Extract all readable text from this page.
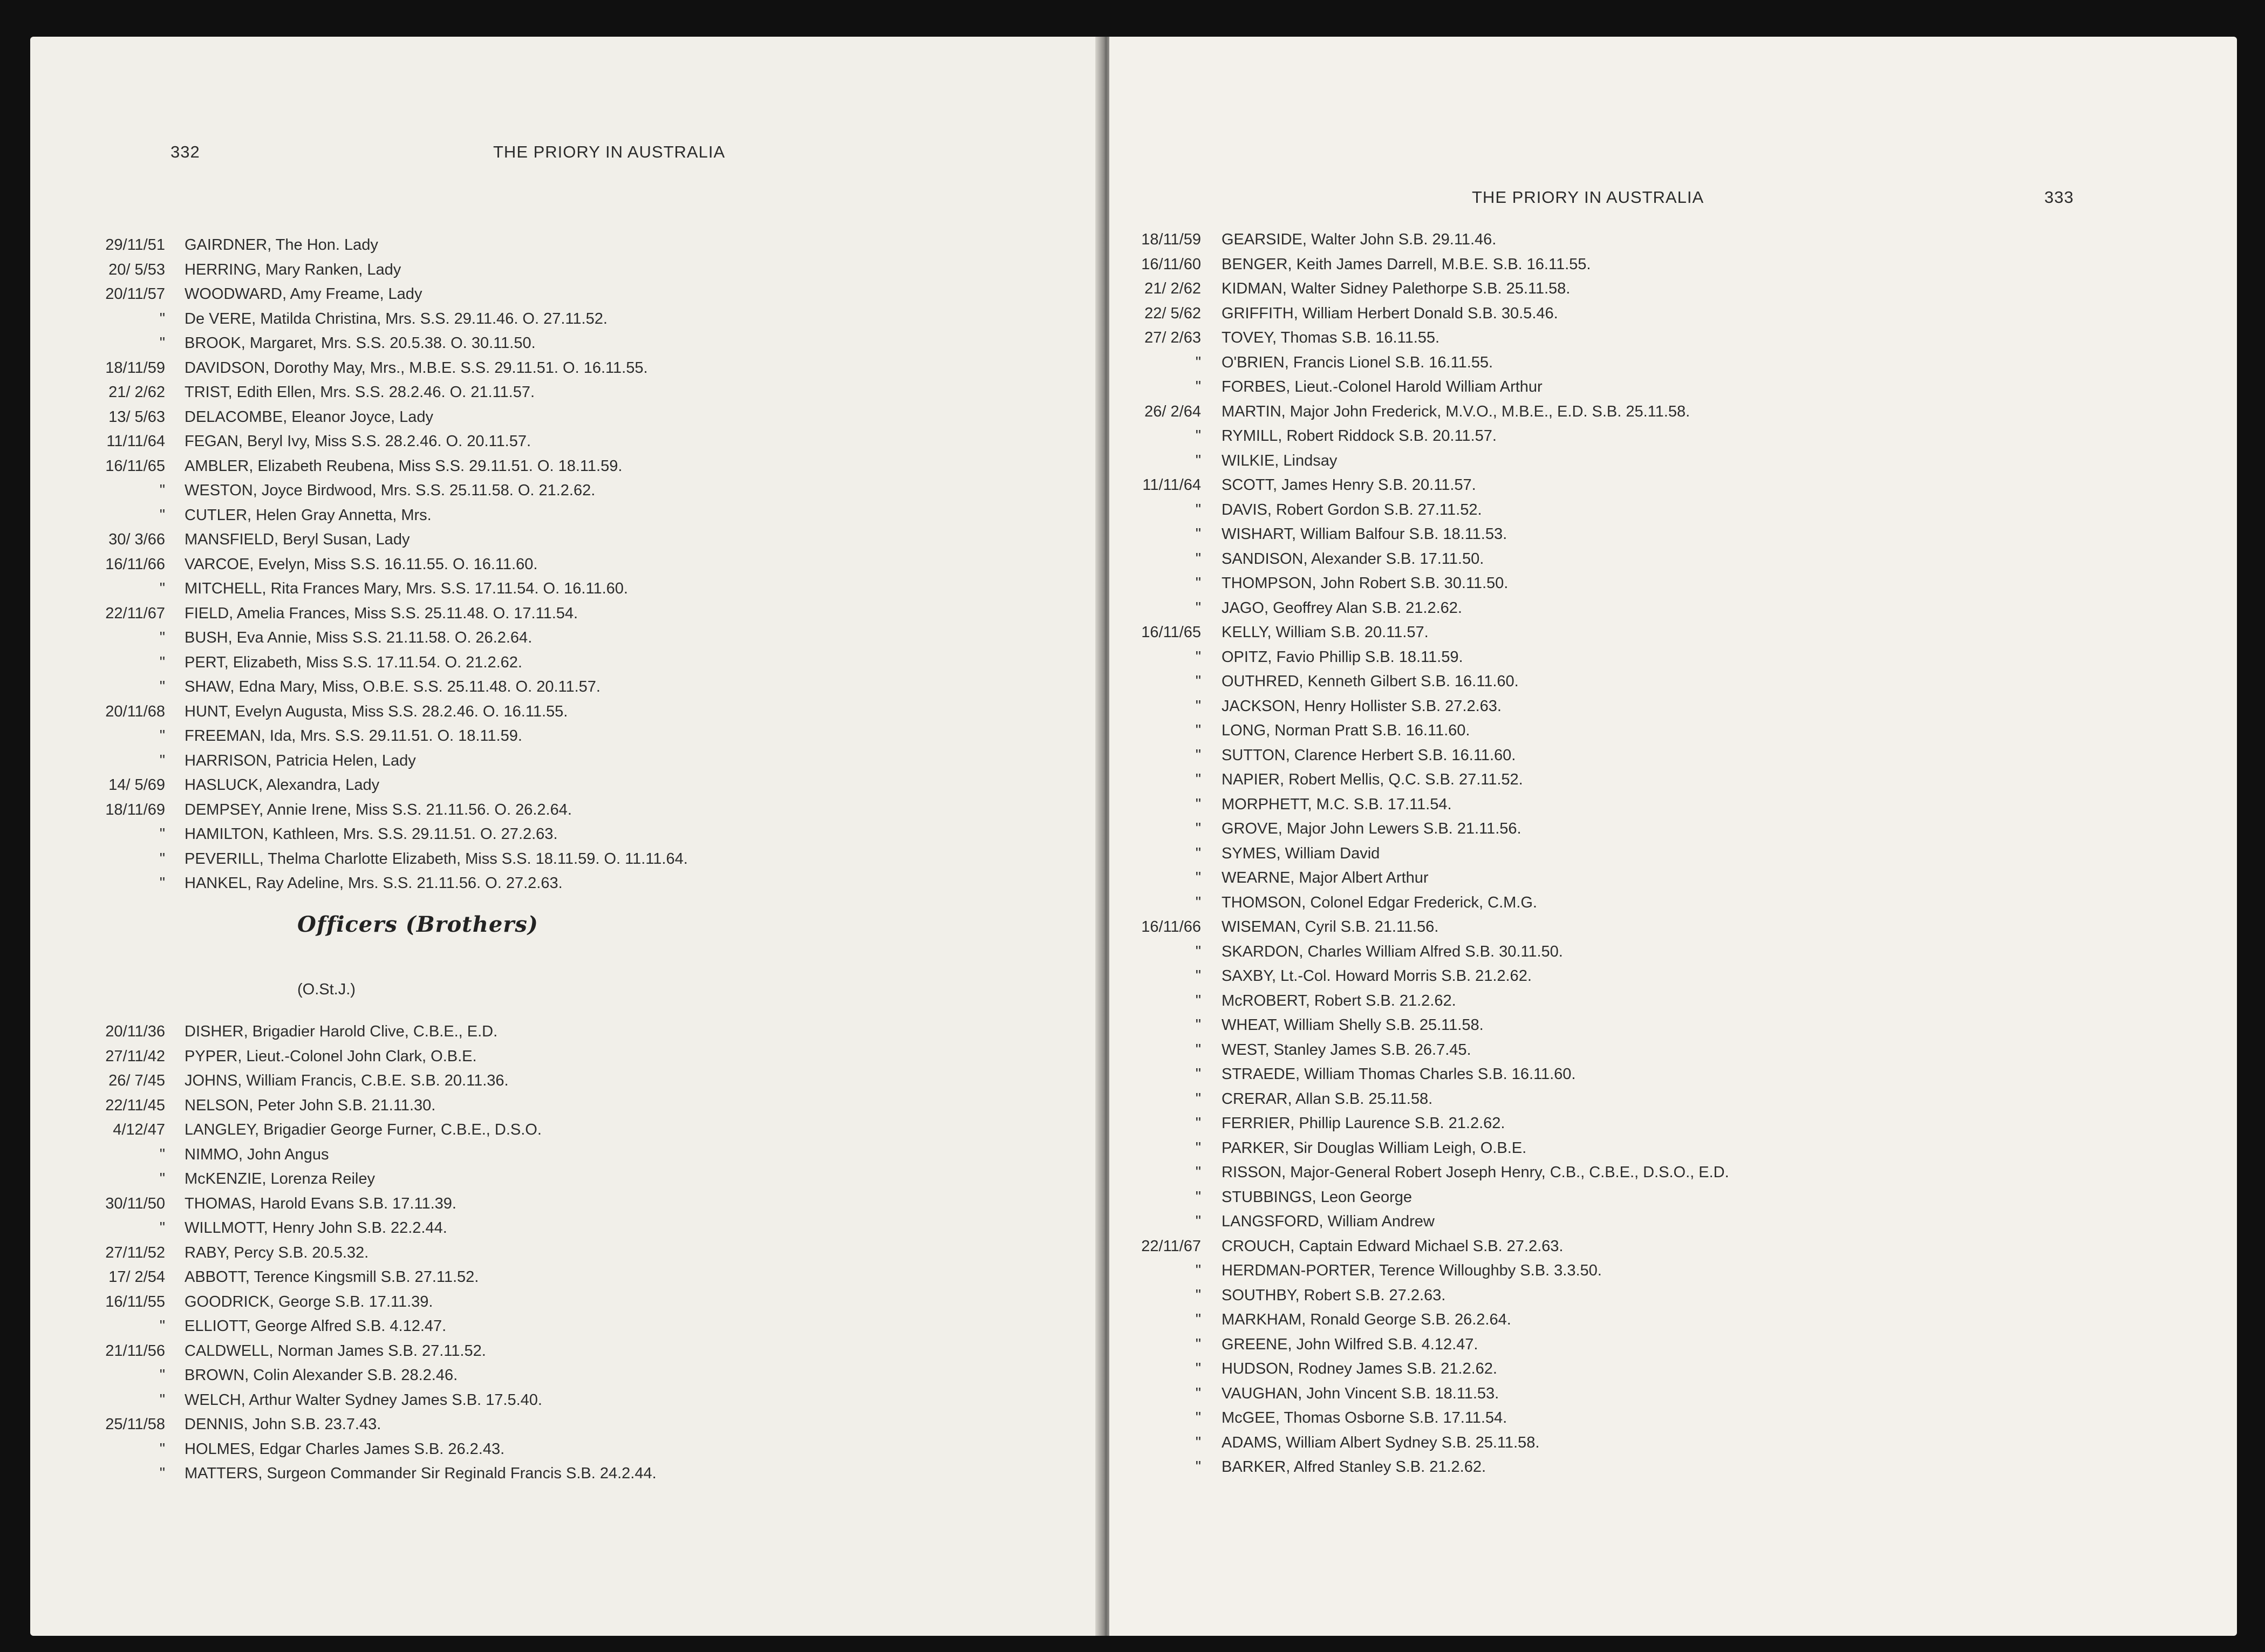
332	THE PRIORY IN AUSTRALIA
29/11/51	GAIRDNER, The Hon. Lady
20/ 5/53	HERRING, Mary Ranken, Lady
20/11/57	WOODWARD, Amy Freame, Lady
"	De VERE, Matilda Christina, Mrs. S.S. 29.11.46. O. 27.11.52.
"	BROOK, Margaret, Mrs. S.S. 20.5.38. O. 30.11.50.
18/11/59	DAVIDSON, Dorothy May, Mrs., M.B.E. S.S. 29.11.51. O. 16.11.55.
21/ 2/62	TRIST, Edith Ellen, Mrs. S.S. 28.2.46. O. 21.11.57.
13/ 5/63	DELACOMBE, Eleanor Joyce, Lady
11/11/64	FEGAN, Beryl Ivy, Miss S.S. 28.2.46. O. 20.11.57.
16/11/65	AMBLER, Elizabeth Reubena, Miss S.S. 29.11.51. O. 18.11.59.
"	WESTON, Joyce Birdwood, Mrs. S.S. 25.11.58. O. 21.2.62.
"	CUTLER, Helen Gray Annetta, Mrs.
30/ 3/66	MANSFIELD, Beryl Susan, Lady
16/11/66	VARCOE, Evelyn, Miss S.S. 16.11.55. O. 16.11.60.
"	MITCHELL, Rita Frances Mary, Mrs. S.S. 17.11.54. O. 16.11.60.
22/11/67	FIELD, Amelia Frances, Miss S.S. 25.11.48. O. 17.11.54.
"	BUSH, Eva Annie, Miss S.S. 21.11.58. O. 26.2.64.
"	PERT, Elizabeth, Miss S.S. 17.11.54. O. 21.2.62.
"	SHAW, Edna Mary, Miss, O.B.E. S.S. 25.11.48. O. 20.11.57.
20/11/68	HUNT, Evelyn Augusta, Miss S.S. 28.2.46. O. 16.11.55.
"	FREEMAN, Ida, Mrs. S.S. 29.11.51. O. 18.11.59.
"	HARRISON, Patricia Helen, Lady
14/ 5/69	HASLUCK, Alexandra, Lady
18/11/69	DEMPSEY, Annie Irene, Miss S.S. 21.11.56. O. 26.2.64.
"	HAMILTON, Kathleen, Mrs. S.S. 29.11.51. O. 27.2.63.
"	PEVERILL, Thelma Charlotte Elizabeth, Miss S.S. 18.11.59. O. 11.11.64.
"	HANKEL, Ray Adeline, Mrs. S.S. 21.11.56. O. 27.2.63.
Officers (Brothers)
(O.St.J.)
20/11/36	DISHER, Brigadier Harold Clive, C.B.E., E.D.
27/11/42	PYPER, Lieut.-Colonel John Clark, O.B.E.
26/ 7/45	JOHNS, William Francis, C.B.E. S.B. 20.11.36.
22/11/45	NELSON, Peter John S.B. 21.11.30.
4/12/47	LANGLEY, Brigadier George Furner, C.B.E., D.S.O.
"	NIMMO, John Angus
"	McKENZIE, Lorenza Reiley
30/11/50	THOMAS, Harold Evans S.B. 17.11.39.
"	WILLMOTT, Henry John S.B. 22.2.44.
27/11/52	RABY, Percy S.B. 20.5.32.
17/ 2/54	ABBOTT, Terence Kingsmill S.B. 27.11.52.
16/11/55	GOODRICK, George S.B. 17.11.39.
"	ELLIOTT, George Alfred S.B. 4.12.47.
21/11/56	CALDWELL, Norman James S.B. 27.11.52.
"	BROWN, Colin Alexander S.B. 28.2.46.
"	WELCH, Arthur Walter Sydney James S.B. 17.5.40.
25/11/58	DENNIS, John S.B. 23.7.43.
"	HOLMES, Edgar Charles James S.B. 26.2.43.
"	MATTERS, Surgeon Commander Sir Reginald Francis S.B. 24.2.44.
THE PRIORY IN AUSTRALIA	333
18/11/59	GEARSIDE, Walter John S.B. 29.11.46.
16/11/60	BENGER, Keith James Darrell, M.B.E. S.B. 16.11.55.
21/ 2/62	KIDMAN, Walter Sidney Palethorpe S.B. 25.11.58.
22/ 5/62	GRIFFITH, William Herbert Donald S.B. 30.5.46.
27/ 2/63	TOVEY, Thomas S.B. 16.11.55.
"	O'BRIEN, Francis Lionel S.B. 16.11.55.
"	FORBES, Lieut.-Colonel Harold William Arthur
26/ 2/64	MARTIN, Major John Frederick, M.V.O., M.B.E., E.D. S.B. 25.11.58.
"	RYMILL, Robert Riddock S.B. 20.11.57.
"	WILKIE, Lindsay
11/11/64	SCOTT, James Henry S.B. 20.11.57.
"	DAVIS, Robert Gordon S.B. 27.11.52.
"	WISHART, William Balfour S.B. 18.11.53.
"	SANDISON, Alexander S.B. 17.11.50.
"	THOMPSON, John Robert S.B. 30.11.50.
"	JAGO, Geoffrey Alan S.B. 21.2.62.
16/11/65	KELLY, William S.B. 20.11.57.
"	OPITZ, Favio Phillip S.B. 18.11.59.
"	OUTHRED, Kenneth Gilbert S.B. 16.11.60.
"	JACKSON, Henry Hollister S.B. 27.2.63.
"	LONG, Norman Pratt S.B. 16.11.60.
"	SUTTON, Clarence Herbert S.B. 16.11.60.
"	NAPIER, Robert Mellis, Q.C. S.B. 27.11.52.
"	MORPHETT, M.C. S.B. 17.11.54.
"	GROVE, Major John Lewers S.B. 21.11.56.
"	SYMES, William David
"	WEARNE, Major Albert Arthur
"	THOMSON, Colonel Edgar Frederick, C.M.G.
16/11/66	WISEMAN, Cyril S.B. 21.11.56.
"	SKARDON, Charles William Alfred S.B. 30.11.50.
"	SAXBY, Lt.-Col. Howard Morris S.B. 21.2.62.
"	McROBERT, Robert S.B. 21.2.62.
"	WHEAT, William Shelly S.B. 25.11.58.
"	WEST, Stanley James S.B. 26.7.45.
"	STRAEDE, William Thomas Charles S.B. 16.11.60.
"	CRERAR, Allan S.B. 25.11.58.
"	FERRIER, Phillip Laurence S.B. 21.2.62.
"	PARKER, Sir Douglas William Leigh, O.B.E.
"	RISSON, Major-General Robert Joseph Henry, C.B., C.B.E., D.S.O., E.D.
"	STUBBINGS, Leon George
"	LANGSFORD, William Andrew
22/11/67	CROUCH, Captain Edward Michael S.B. 27.2.63.
"	HERDMAN-PORTER, Terence Willoughby S.B. 3.3.50.
"	SOUTHBY, Robert S.B. 27.2.63.
"	MARKHAM, Ronald George S.B. 26.2.64.
"	GREENE, John Wilfred S.B. 4.12.47.
"	HUDSON, Rodney James S.B. 21.2.62.
"	VAUGHAN, John Vincent S.B. 18.11.53.
"	McGEE, Thomas Osborne S.B. 17.11.54.
"	ADAMS, William Albert Sydney S.B. 25.11.58.
"	BARKER, Alfred Stanley S.B. 21.2.62.
